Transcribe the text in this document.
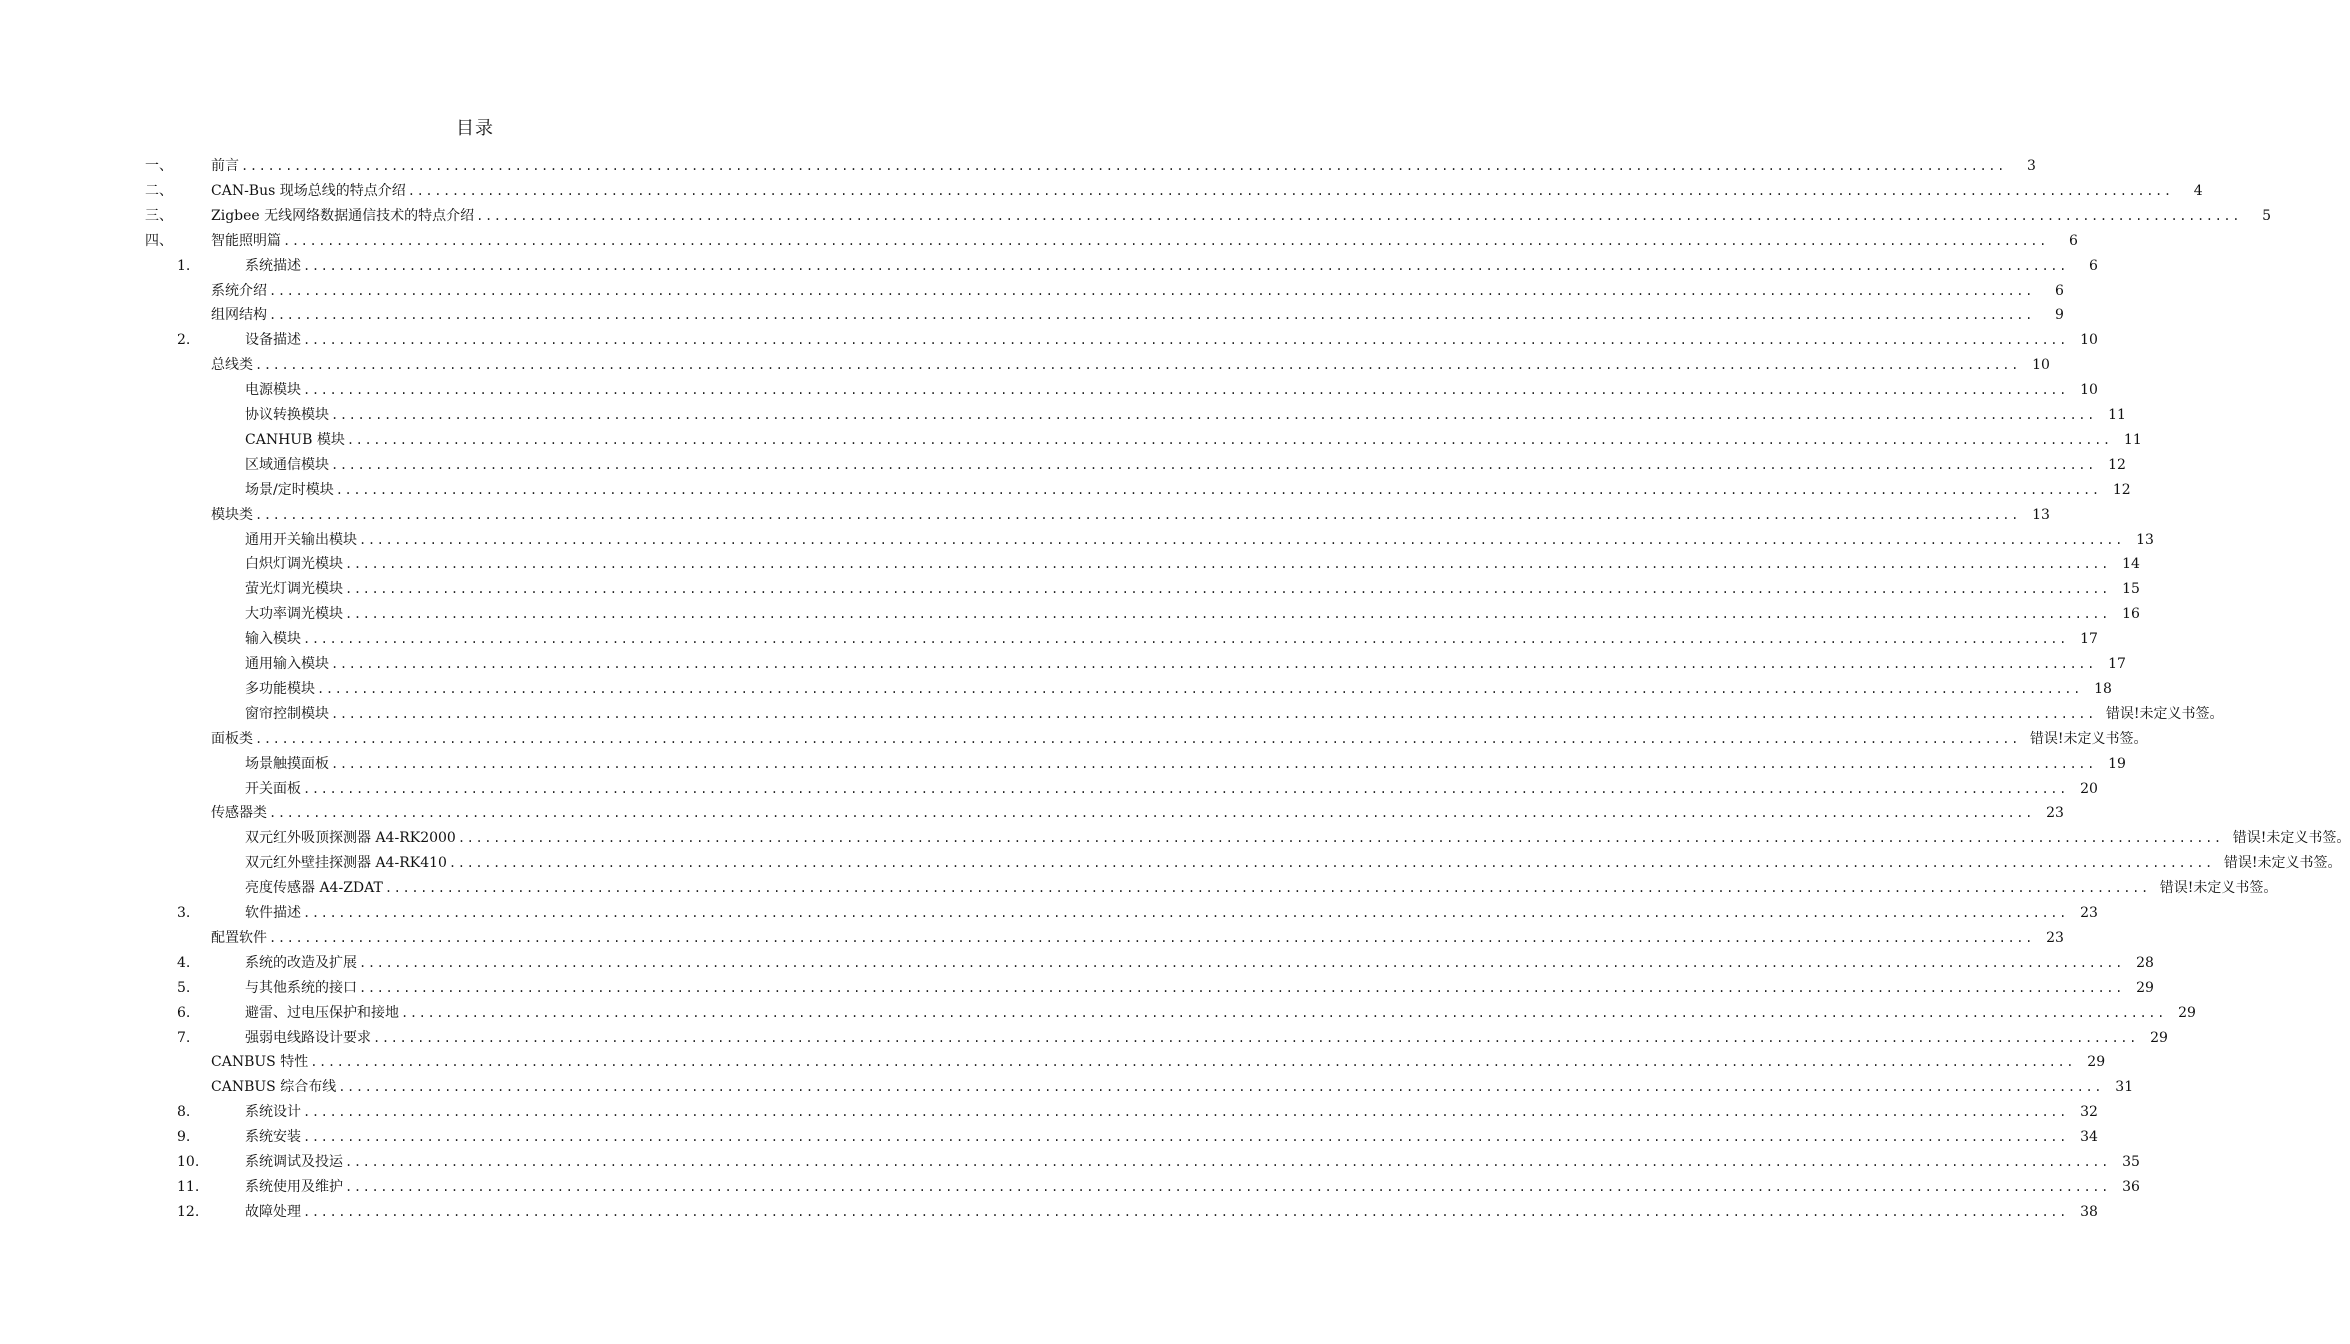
目录
一、	前言 ........................................................................................................................................................................................................	3
二、	CAN-Bus 现场总线的特点介绍 ........................................................................................................................................................................................................	4
三、	Zigbee 无线网络数据通信技术的特点介绍 ........................................................................................................................................................................................................	5
四、	智能照明篇 ........................................................................................................................................................................................................	6
1.	系统描述 ........................................................................................................................................................................................................	6
系统介绍 ........................................................................................................................................................................................................	6
组网结构 ........................................................................................................................................................................................................	9
2.	设备描述 ........................................................................................................................................................................................................ 10
总线类 ........................................................................................................................................................................................................ 10
电源模块 ........................................................................................................................................................................................................ 10
协议转换模块 ........................................................................................................................................................................................................ 11
CANHUB 模块 ........................................................................................................................................................................................................ 11
区域通信模块 ........................................................................................................................................................................................................ 12
场景/定时模块 ........................................................................................................................................................................................................ 12
模块类 ........................................................................................................................................................................................................ 13
通用开关输出模块 ........................................................................................................................................................................................................ 13
白炽灯调光模块 ........................................................................................................................................................................................................ 14
萤光灯调光模块 ........................................................................................................................................................................................................ 15
大功率调光模块 ........................................................................................................................................................................................................ 16
输入模块 ........................................................................................................................................................................................................ 17
通用输入模块 ........................................................................................................................................................................................................ 17
多功能模块 ........................................................................................................................................................................................................ 18
窗帘控制模块 ........................................................................................................................................................................................................ 错误!未定义书签。
面板类 ........................................................................................................................................................................................................ 错误!未定义书签。
场景触摸面板 ........................................................................................................................................................................................................ 19
开关面板 ........................................................................................................................................................................................................ 20
传感器类 ........................................................................................................................................................................................................ 23
双元红外吸顶探测器 A4-RK2000 ........................................................................................................................................................................................................ 错误!未定义书签。
双元红外壁挂探测器 A4-RK410 ........................................................................................................................................................................................................ 错误!未定义书签。
亮度传感器 A4-ZDAT ........................................................................................................................................................................................................ 错误!未定义书签。
3.	软件描述 ........................................................................................................................................................................................................ 23
配置软件 ........................................................................................................................................................................................................ 23
4.	系统的改造及扩展 ........................................................................................................................................................................................................ 28
5.	与其他系统的接口 ........................................................................................................................................................................................................ 29
6.	避雷、过电压保护和接地 ........................................................................................................................................................................................................ 29
7.	强弱电线路设计要求 ........................................................................................................................................................................................................ 29
CANBUS 特性 ........................................................................................................................................................................................................ 29
CANBUS 综合布线 ........................................................................................................................................................................................................ 31
8.	系统设计 ........................................................................................................................................................................................................ 32
9.	系统安装 ........................................................................................................................................................................................................ 34
10.	系统调试及投运 ........................................................................................................................................................................................................ 35
11.	系统使用及维护 ........................................................................................................................................................................................................ 36
12.	故障处理 ........................................................................................................................................................................................................ 38
